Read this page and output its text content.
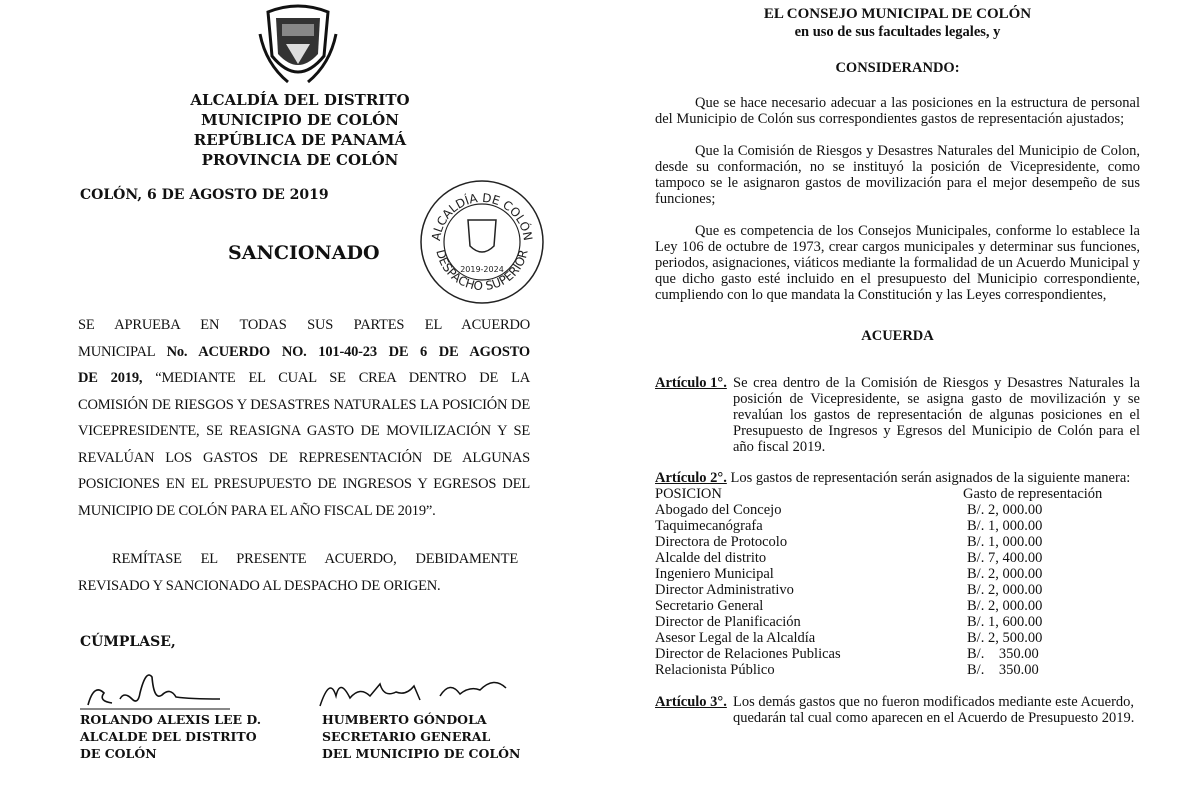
ALCALDÍA DEL DISTRITO
MUNICIPIO DE COLÓN
REPÚBLICA DE PANAMÁ
PROVINCIA DE COLÓN
COLÓN, 6 DE AGOSTO DE 2019
SANCIONADO
ALCALDÍA DE COLÓN
DESPACHO SUPERIOR
2019-2024
SE APRUEBA EN TODAS SUS PARTES EL ACUERDO
MUNICIPAL No. ACUERDO NO. 101-40-23 DE 6 DE AGOSTO
DE 2019, “MEDIANTE EL CUAL SE CREA DENTRO DE LA
COMISIÓN DE RIESGOS Y DESASTRES NATURALES LA POSICIÓN DE
VICEPRESIDENTE, SE REASIGNA GASTO DE MOVILIZACIÓN Y SE
REVALÚAN LOS GASTOS DE REPRESENTACIÓN DE ALGUNAS
POSICIONES EN EL PRESUPUESTO DE INGRESOS Y EGRESOS DEL
MUNICIPIO DE COLÓN PARA EL AÑO FISCAL DE 2019”.
REMÍTASE EL PRESENTE ACUERDO, DEBIDAMENTE
REVISADO Y SANCIONADO AL DESPACHO DE ORIGEN.
CÚMPLASE,
ROLANDO ALEXIS LEE D.
ALCALDE DEL DISTRITO
DE COLÓN
HUMBERTO GÓNDOLA
SECRETARIO GENERAL
DEL MUNICIPIO DE COLÓN
EL CONSEJO MUNICIPAL DE COLÓN
en uso de sus facultades legales, y
CONSIDERANDO:
Que se hace necesario adecuar a las posiciones en la estructura de personal del Municipio de Colón sus correspondientes gastos de representación ajustados;
Que la Comisión de Riesgos y Desastres Naturales del Municipio de Colon, desde su conformación, no se instituyó la posición de Vicepresidente, como tampoco se le asignaron gastos de movilización para el mejor desempeño de sus funciones;
Que es competencia de los Consejos Municipales, conforme lo establece la Ley 106 de octubre de 1973, crear cargos municipales y determinar sus funciones, periodos, asignaciones, viáticos mediante la formalidad de un Acuerdo Municipal y que dicho gasto esté incluido en el presupuesto del Municipio correspondiente, cumpliendo con lo que mandata la Constitución y las Leyes correspondientes,
ACUERDA
Artículo 1°. Se crea dentro de la Comisión de Riesgos y Desastres Naturales la posición de Vicepresidente, se asigna gasto de movilización y se revalúan los gastos de representación de algunas posiciones en el Presupuesto de Ingresos y Egresos del Municipio de Colón para el año fiscal 2019.
Artículo 2°. Los gastos de representación serán asignados de la siguiente manera:
POSICION	Gasto de representación
Abogado del Concejo	B/. 2, 000.00
Taquimecanógrafa	B/. 1, 000.00
Directora de Protocolo	B/. 1, 000.00
Alcalde del distrito	B/. 7, 400.00
Ingeniero Municipal	B/. 2, 000.00
Director Administrativo	B/. 2, 000.00
Secretario General	B/. 2, 000.00
Director de Planificación	B/. 1, 600.00
Asesor Legal de la Alcaldía	B/. 2, 500.00
Director de Relaciones Publicas	B/.    350.00
Relacionista Público	B/.    350.00
Artículo 3°. Los demás gastos que no fueron modificados mediante este Acuerdo, quedarán tal cual como aparecen en el Acuerdo de Presupuesto 2019.
